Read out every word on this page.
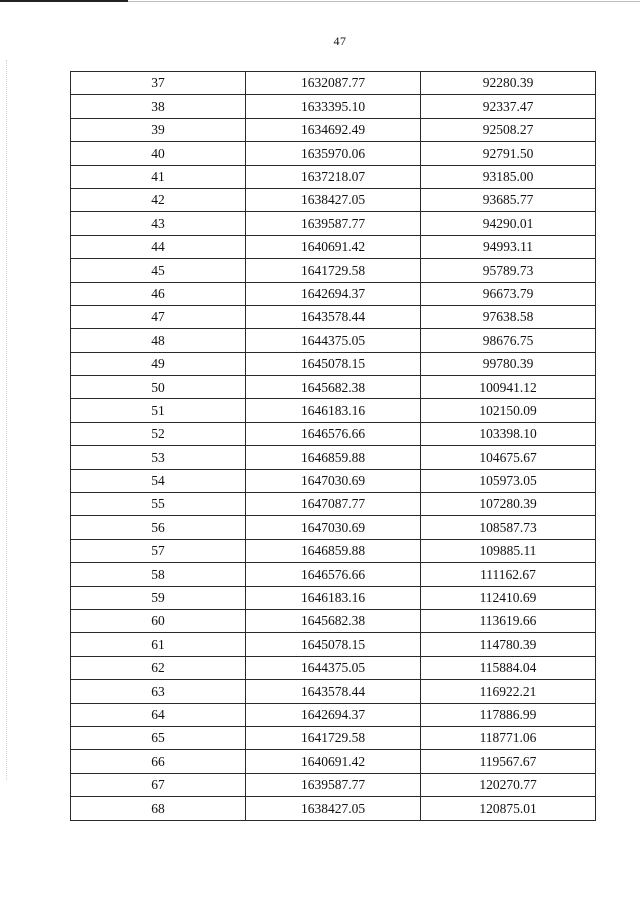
47
37	1632087.77	92280.39
38	1633395.10	92337.47
39	1634692.49	92508.27
40	1635970.06	92791.50
41	1637218.07	93185.00
42	1638427.05	93685.77
43	1639587.77	94290.01
44	1640691.42	94993.11
45	1641729.58	95789.73
46	1642694.37	96673.79
47	1643578.44	97638.58
48	1644375.05	98676.75
49	1645078.15	99780.39
50	1645682.38	100941.12
51	1646183.16	102150.09
52	1646576.66	103398.10
53	1646859.88	104675.67
54	1647030.69	105973.05
55	1647087.77	107280.39
56	1647030.69	108587.73
57	1646859.88	109885.11
58	1646576.66	111162.67
59	1646183.16	112410.69
60	1645682.38	113619.66
61	1645078.15	114780.39
62	1644375.05	115884.04
63	1643578.44	116922.21
64	1642694.37	117886.99
65	1641729.58	118771.06
66	1640691.42	119567.67
67	1639587.77	120270.77
68	1638427.05	120875.01
